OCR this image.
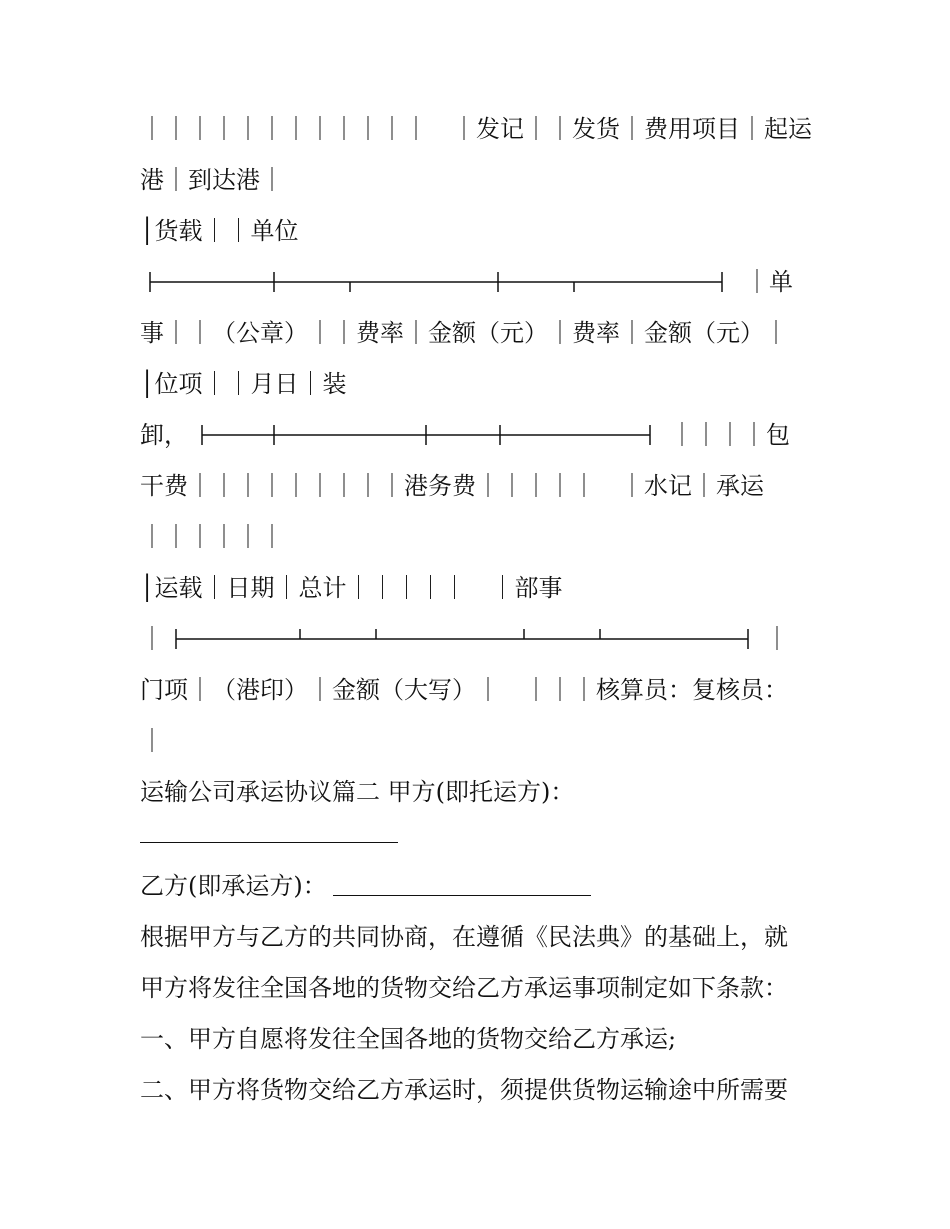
｜｜｜｜｜｜｜｜｜｜｜｜　｜发记｜｜发货｜费用项目｜起运
港｜到达港｜
│货载｜｜单位
｜单
事｜｜（公章）｜｜费率｜金额（元）｜费率｜金额（元）｜
│位项｜｜月日｜装
卸，	｜｜｜｜包
干费｜｜｜｜｜｜｜｜｜港务费｜｜｜｜｜　｜水记｜承运
｜｜｜｜｜｜
│运载｜日期｜总计｜｜｜｜｜　｜部事
｜	｜
门项｜（港印）｜金额（大写）｜　｜｜｜核算员：复核员：
｜
运输公司承运协议篇二 甲方(即托运方)：
乙方(即承运方)：
根据甲方与乙方的共同协商，在遵循《民法典》的基础上，就
甲方将发往全国各地的货物交给乙方承运事项制定如下条款：
一、甲方自愿将发往全国各地的货物交给乙方承运;
二、甲方将货物交给乙方承运时，须提供货物运输途中所需要
